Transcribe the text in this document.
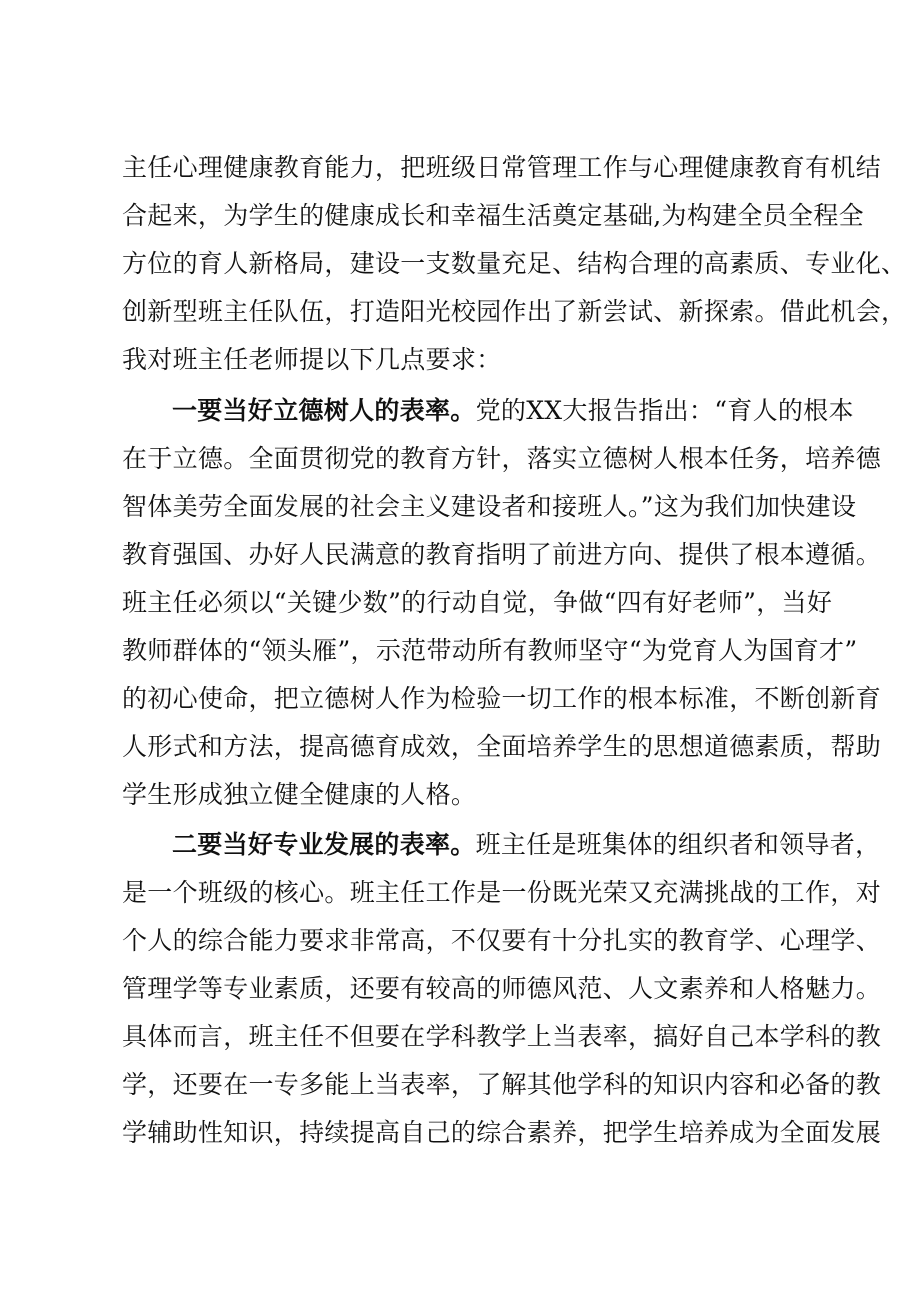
主任心理健康教育能力，把班级日常管理工作与心理健康教育有机结
合起来，为学生的健康成长和幸福生活奠定基础,为构建全员全程全
方位的育人新格局，建设一支数量充足、结构合理的高素质、专业化、
创新型班主任队伍，打造阳光校园作出了新尝试、新探索。借此机会，
我对班主任老师提以下几点要求：
一要当好立德树人的表率。党的XX大报告指出：“育人的根本
在于立德。全面贯彻党的教育方针，落实立德树人根本任务，培养德
智体美劳全面发展的社会主义建设者和接班人。”这为我们加快建设
教育强国、办好人民满意的教育指明了前进方向、提供了根本遵循。
班主任必须以“关键少数”的行动自觉，争做“四有好老师”，当好
教师群体的“领头雁”，示范带动所有教师坚守“为党育人为国育才”
的初心使命，把立德树人作为检验一切工作的根本标准，不断创新育
人形式和方法，提高德育成效，全面培养学生的思想道德素质，帮助
学生形成独立健全健康的人格。
二要当好专业发展的表率。班主任是班集体的组织者和领导者，
是一个班级的核心。班主任工作是一份既光荣又充满挑战的工作，对
个人的综合能力要求非常高，不仅要有十分扎实的教育学、心理学、
管理学等专业素质，还要有较高的师德风范、人文素养和人格魅力。
具体而言，班主任不但要在学科教学上当表率，搞好自己本学科的教
学，还要在一专多能上当表率，了解其他学科的知识内容和必备的教
学辅助性知识，持续提高自己的综合素养，把学生培养成为全面发展
